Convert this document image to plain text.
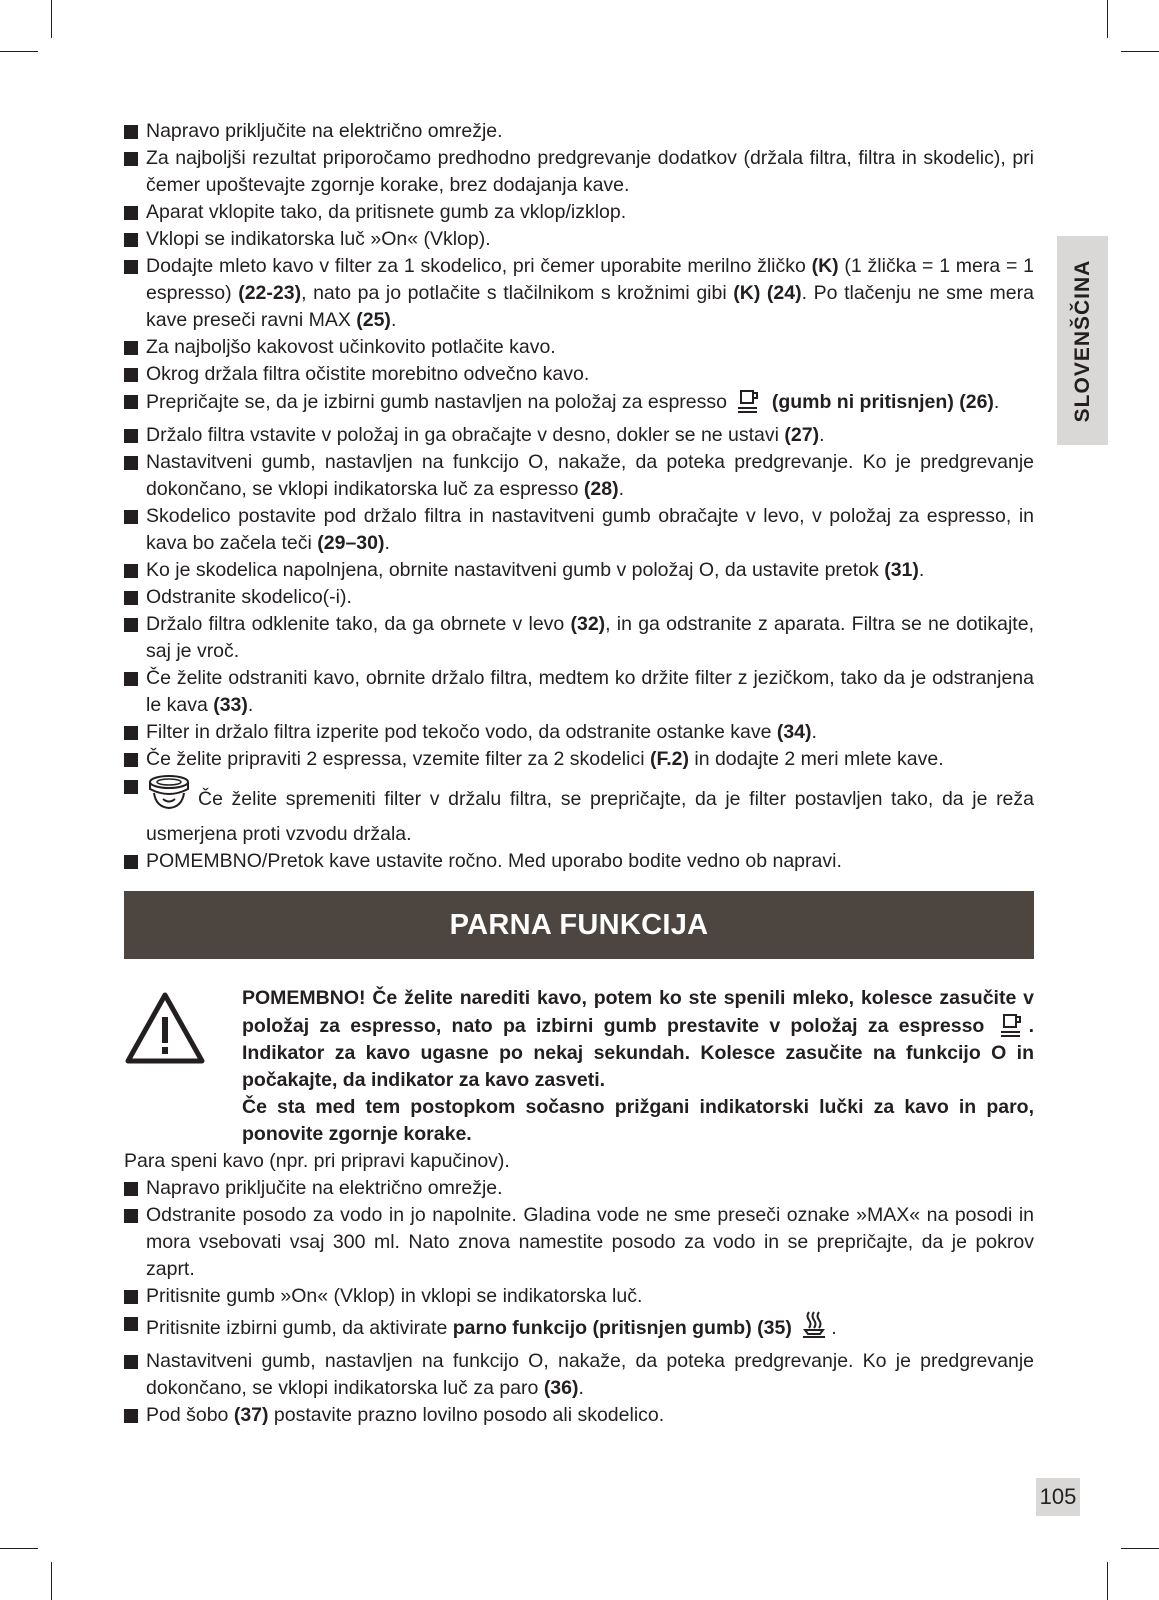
SLOVENŠČINA
Napravo priključite na električno omrežje.
Za najboljši rezultat priporočamo predhodno predgrevanje dodatkov (držala filtra, filtra in skodelic), pri čemer upoštevajte zgornje korake, brez dodajanja kave.
Aparat vklopite tako, da pritisnete gumb za vklop/izklop.
Vklopi se indikatorska luč »On« (Vklop).
Dodajte mleto kavo v filter za 1 skodelico, pri čemer uporabite merilno žličko (K) (1 žlička = 1 mera = 1 espresso) (22-23), nato pa jo potlačite s tlačilnikom s krožnimi gibi (K) (24). Po tlačenju ne sme mera kave preseči ravni MAX (25).
Za najboljšo kakovost učinkovito potlačite kavo.
Okrog držala filtra očistite morebitno odvečno kavo.
Prepričajte se, da je izbirni gumb nastavljen na položaj za espresso  (gumb ni pritisnjen) (26).
Držalo filtra vstavite v položaj in ga obračajte v desno, dokler se ne ustavi (27).
Nastavitveni gumb, nastavljen na funkcijo O, nakaže, da poteka predgrevanje. Ko je predgrevanje dokončano, se vklopi indikatorska luč za espresso (28).
Skodelico postavite pod držalo filtra in nastavitveni gumb obračajte v levo, v položaj za espresso, in kava bo začela teči (29–30).
Ko je skodelica napolnjena, obrnite nastavitveni gumb v položaj O, da ustavite pretok (31).
Odstranite skodelico(-i).
Držalo filtra odklenite tako, da ga obrnete v levo (32), in ga odstranite z aparata. Filtra se ne dotikajte, saj je vroč.
Če želite odstraniti kavo, obrnite držalo filtra, medtem ko držite filter z jezičkom, tako da je odstranjena le kava (33).
Filter in držalo filtra izperite pod tekočo vodo, da odstranite ostanke kave (34).
Če želite pripraviti 2 espressa, vzemite filter za 2 skodelici (F.2) in dodajte 2 meri mlete kave.
Če želite spremeniti filter v držalu filtra, se prepričajte, da je filter postavljen tako, da je reža usmerjena proti vzvodu držala.
POMEMBNO/Pretok kave ustavite ročno. Med uporabo bodite vedno ob napravi.
PARNA FUNKCIJA
POMEMBNO! Če želite narediti kavo, potem ko ste spenili mleko, kolesce zasučite v položaj za espresso, nato pa izbirni gumb prestavite v položaj za espresso . Indikator za kavo ugasne po nekaj sekundah. Kolesce zasučite na funkcijo O in počakajte, da indikator za kavo zasveti.
Če sta med tem postopkom sočasno prižgani indikatorski lučki za kavo in paro, ponovite zgornje korake.

Para speni kavo (npr. pri pripravi kapučinov).

Napravo priključite na električno omrežje.
Odstranite posodo za vodo in jo napolnite. Gladina vode ne sme preseči oznake »MAX« na posodi in mora vsebovati vsaj 300 ml. Nato znova namestite posodo za vodo in se prepričajte, da je pokrov zaprt.
Pritisnite gumb »On« (Vklop) in vklopi se indikatorska luč.
Pritisnite izbirni gumb, da aktivirate parno funkcijo (pritisnjen gumb) (35) .
Nastavitveni gumb, nastavljen na funkcijo O, nakaže, da poteka predgrevanje. Ko je predgrevanje dokončano, se vklopi indikatorska luč za paro (36).
Pod šobo (37) postavite prazno lovilno posodo ali skodelico.
105
